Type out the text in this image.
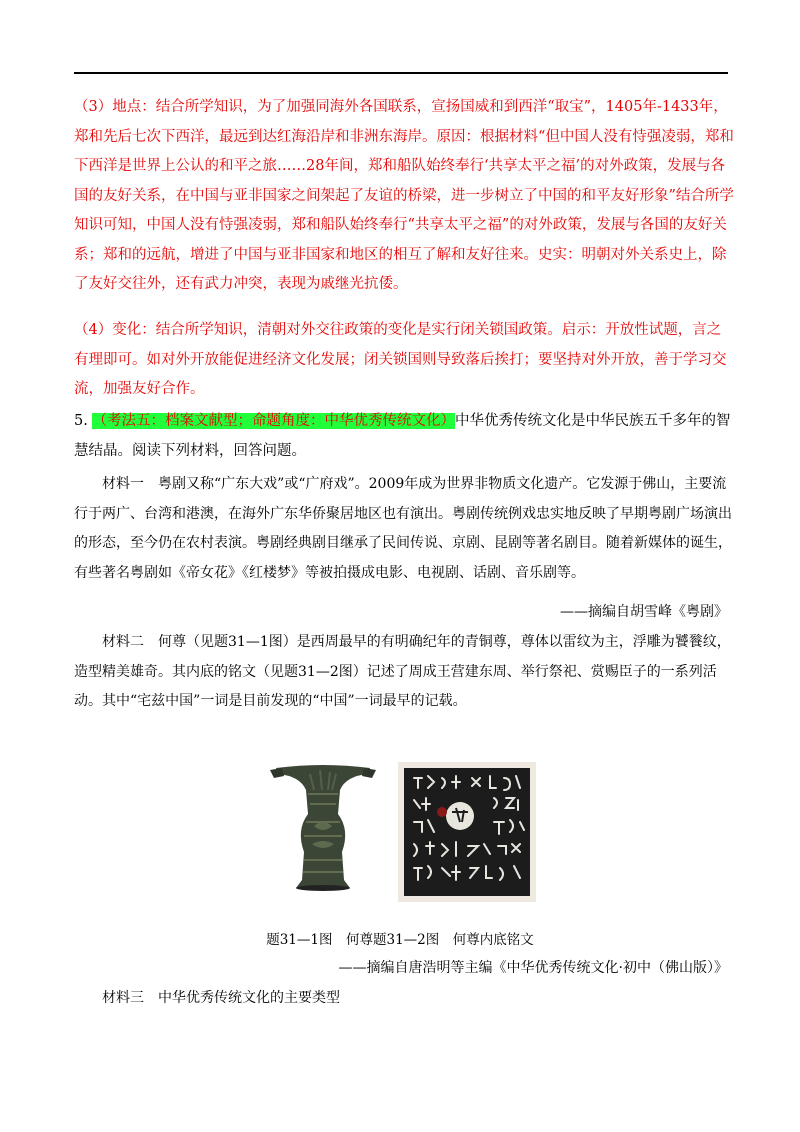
（3）地点：结合所学知识，为了加强同海外各国联系，宣扬国威和到西洋“取宝”，1405年-1433年，郑和先后七次下西洋，最远到达红海沿岸和非洲东海岸。原因：根据材料“但中国人没有恃强凌弱，郑和下西洋是世界上公认的和平之旅……28年间，郑和船队始终奉行‘共享太平之福’的对外政策，发展与各国的友好关系，在中国与亚非国家之间架起了友谊的桥梁，进一步树立了中国的和平友好形象”结合所学知识可知，中国人没有恃强凌弱，郑和船队始终奉行“共享太平之福”的对外政策，发展与各国的友好关系；郑和的远航，增进了中国与亚非国家和地区的相互了解和友好往来。史实：明朝对外关系史上，除了友好交往外，还有武力冲突，表现为戚继光抗倭。
（4）变化：结合所学知识，清朝对外交往政策的变化是实行闭关锁国政策。启示：开放性试题，言之有理即可。如对外开放能促进经济文化发展；闭关锁国则导致落后挨打；要坚持对外开放，善于学习交流，加强友好合作。
5. （考法五：档案文献型；命题角度：中华优秀传统文化）中华优秀传统文化是中华民族五千多年的智慧结晶。阅读下列材料，回答问题。
材料一　粤剧又称“广东大戏”或“广府戏”。2009年成为世界非物质文化遗产。它发源于佛山，主要流行于两广、台湾和港澳，在海外广东华侨聚居地区也有演出。粤剧传统例戏忠实地反映了早期粤剧广场演出的形态，至今仍在农村表演。粤剧经典剧目继承了民间传说、京剧、昆剧等著名剧目。随着新媒体的诞生，有些著名粤剧如《帝女花》《红楼梦》等被拍摄成电影、电视剧、话剧、音乐剧等。
——摘编自胡雪峰《粤剧》
材料二　何尊（见题31—1图）是西周最早的有明确纪年的青铜尊，尊体以雷纹为主，浮雕为饕餮纹，造型精美雄奇。其内底的铭文（见题31—2图）记述了周成王营建东周、举行祭祀、赏赐臣子的一系列活动。其中“宅兹中国”一词是目前发现的“中国”一词最早的记载。
题31—1图　何尊题31—2图　何尊内底铭文
——摘编自唐浩明等主编《中华优秀传统文化·初中（佛山版）》
材料三　中华优秀传统文化的主要类型
